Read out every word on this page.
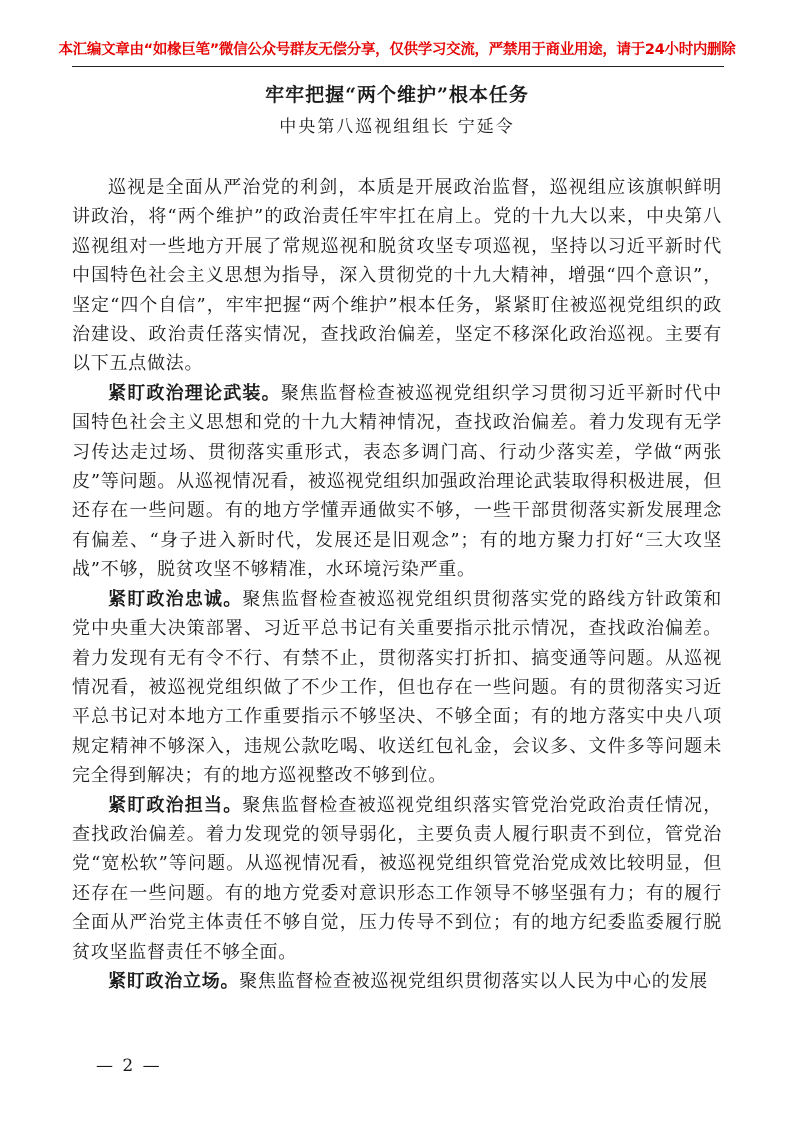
本汇编文章由“如椽巨笔”微信公众号群友无偿分享，仅供学习交流，严禁用于商业用途，请于24小时内删除
牢牢把握“两个维护”根本任务
中央第八巡视组组长 宁延令

巡视是全面从严治党的利剑，本质是开展政治监督，巡视组应该旗帜鲜明讲政治，将“两个维护”的政治责任牢牢扛在肩上。党的十九大以来，中央第八巡视组对一些地方开展了常规巡视和脱贫攻坚专项巡视，坚持以习近平新时代中国特色社会主义思想为指导，深入贯彻党的十九大精神，增强“四个意识”，坚定“四个自信”，牢牢把握“两个维护”根本任务，紧紧盯住被巡视党组织的政治建设、政治责任落实情况，查找政治偏差，坚定不移深化政治巡视。主要有以下五点做法。

紧盯政治理论武装。聚焦监督检查被巡视党组织学习贯彻习近平新时代中国特色社会主义思想和党的十九大精神情况，查找政治偏差。着力发现有无学习传达走过场、贯彻落实重形式，表态多调门高、行动少落实差，学做“两张皮”等问题。从巡视情况看，被巡视党组织加强政治理论武装取得积极进展，但还存在一些问题。有的地方学懂弄通做实不够，一些干部贯彻落实新发展理念有偏差、“身子进入新时代，发展还是旧观念”；有的地方聚力打好“三大攻坚战”不够，脱贫攻坚不够精准，水环境污染严重。

紧盯政治忠诚。聚焦监督检查被巡视党组织贯彻落实党的路线方针政策和党中央重大决策部署、习近平总书记有关重要指示批示情况，查找政治偏差。着力发现有无有令不行、有禁不止，贯彻落实打折扣、搞变通等问题。从巡视情况看，被巡视党组织做了不少工作，但也存在一些问题。有的贯彻落实习近平总书记对本地方工作重要指示不够坚决、不够全面；有的地方落实中央八项规定精神不够深入，违规公款吃喝、收送红包礼金，会议多、文件多等问题未完全得到解决；有的地方巡视整改不够到位。

紧盯政治担当。聚焦监督检查被巡视党组织落实管党治党政治责任情况，查找政治偏差。着力发现党的领导弱化，主要负责人履行职责不到位，管党治党“宽松软”等问题。从巡视情况看，被巡视党组织管党治党成效比较明显，但还存在一些问题。有的地方党委对意识形态工作领导不够坚强有力；有的履行全面从严治党主体责任不够自觉，压力传导不到位；有的地方纪委监委履行脱贫攻坚监督责任不够全面。

紧盯政治立场。聚焦监督检查被巡视党组织贯彻落实以人民为中心的发展

— 2 —
